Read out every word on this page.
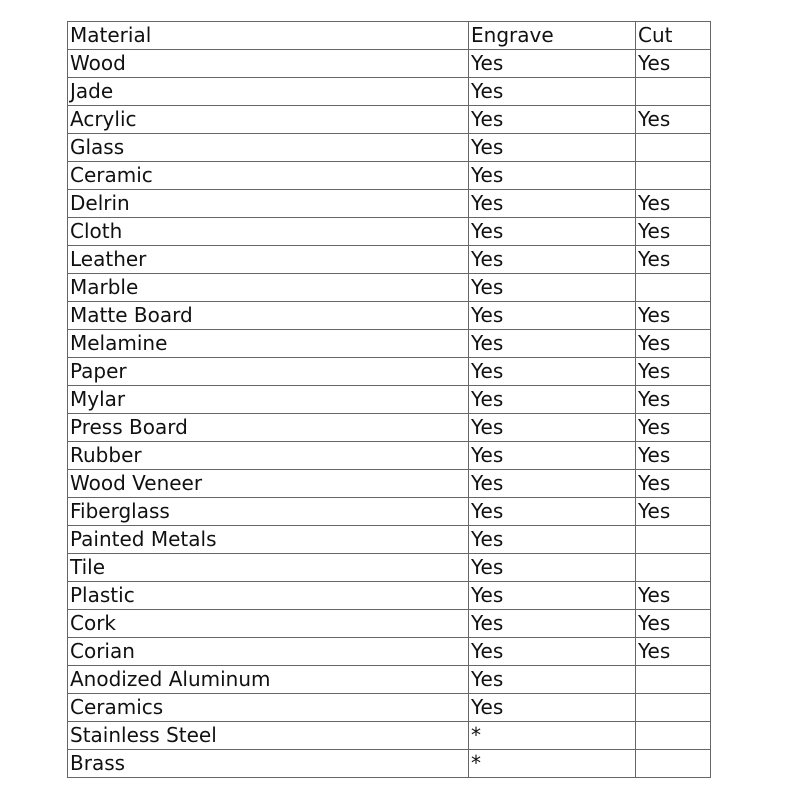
Material	Engrave	Cut
Wood	Yes	Yes
Jade	Yes	
Acrylic	Yes	Yes
Glass	Yes	
Ceramic	Yes	
Delrin	Yes	Yes
Cloth	Yes	Yes
Leather	Yes	Yes
Marble	Yes	
Matte Board	Yes	Yes
Melamine	Yes	Yes
Paper	Yes	Yes
Mylar	Yes	Yes
Press Board	Yes	Yes
Rubber	Yes	Yes
Wood Veneer	Yes	Yes
Fiberglass	Yes	Yes
Painted Metals	Yes	
Tile	Yes	
Plastic	Yes	Yes
Cork	Yes	Yes
Corian	Yes	Yes
Anodized Aluminum	Yes	
Ceramics	Yes	
Stainless Steel	*	
Brass	*	
